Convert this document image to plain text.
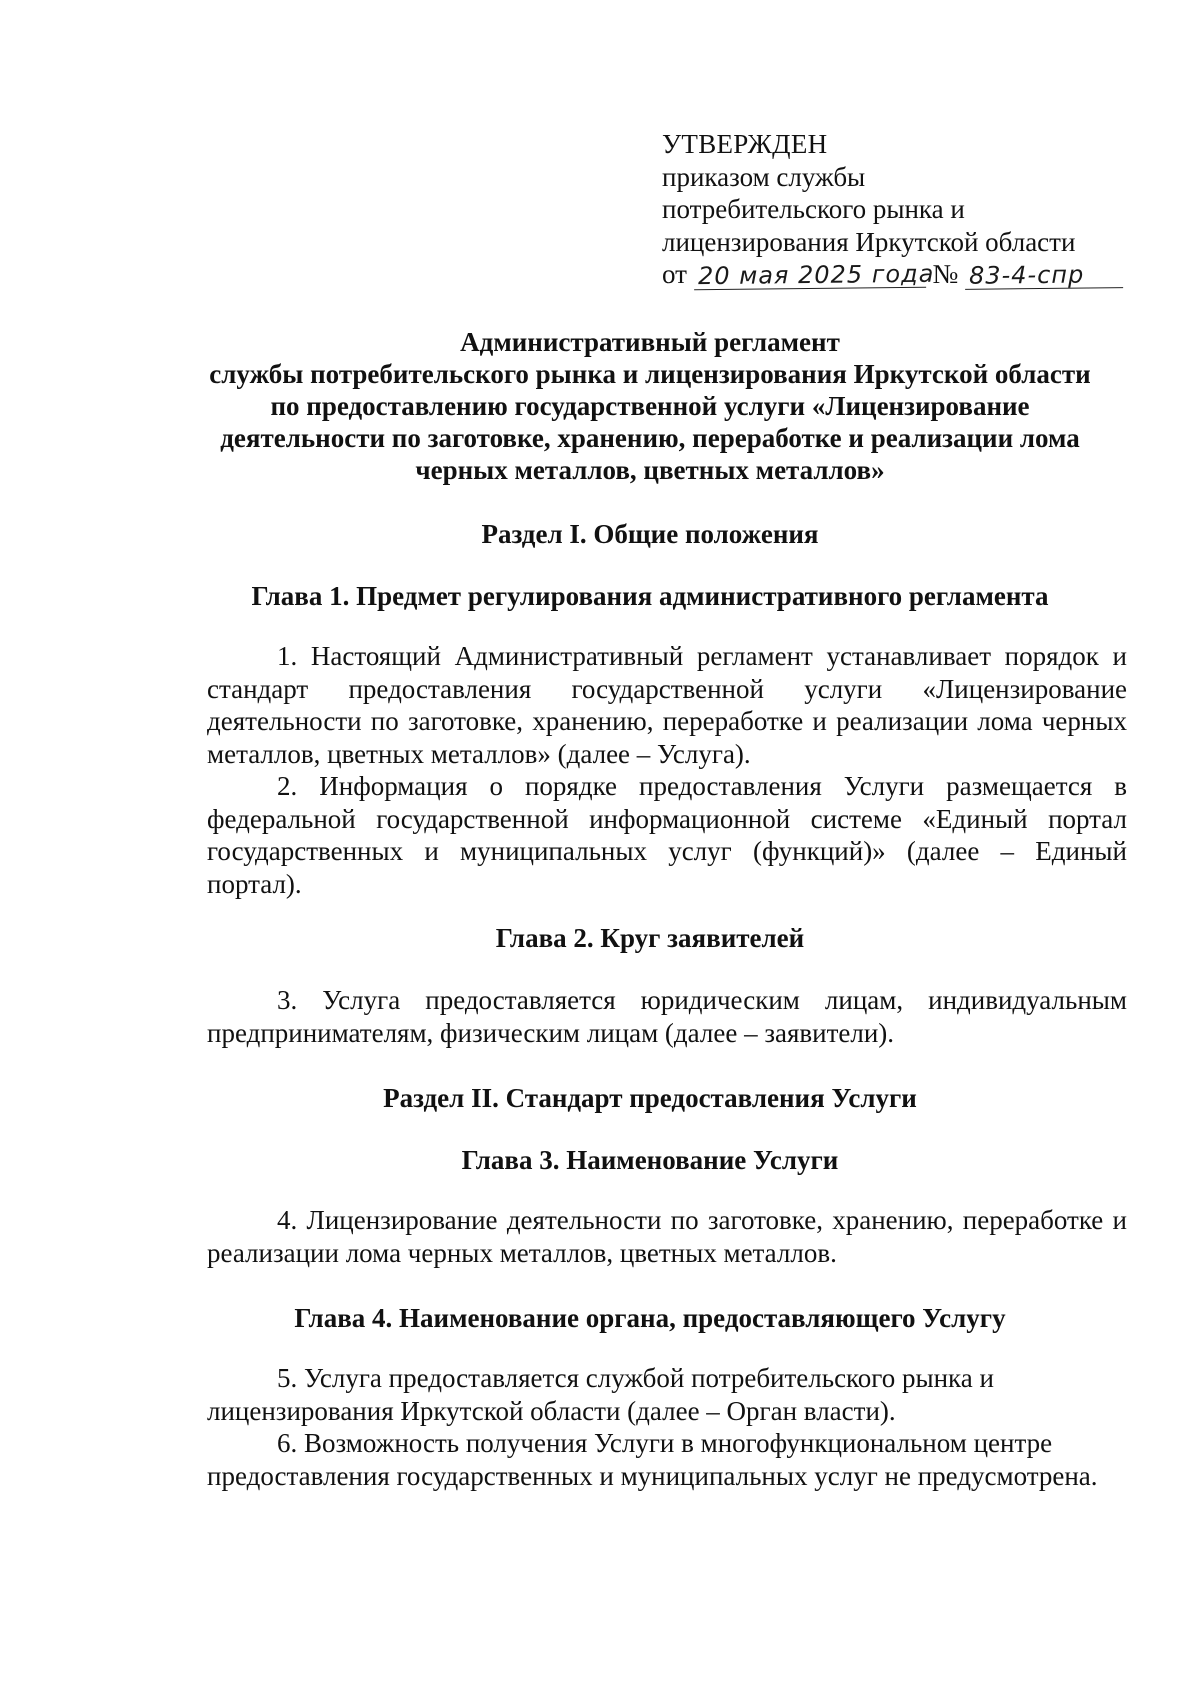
УТВЕРЖДЕН
приказом службы
потребительского рынка и
лицензирования Иркутской области
от 20 мая 2025 года № 83-4-спр
Административный регламент
службы потребительского рынка и лицензирования Иркутской области
по предоставлению государственной услуги «Лицензирование
деятельности по заготовке, хранению, переработке и реализации лома
черных металлов, цветных металлов»
Раздел I. Общие положения
Глава 1. Предмет регулирования административного регламента
1. Настоящий Административный регламент устанавливает порядок и стандарт предоставления государственной услуги «Лицензирование деятельности по заготовке, хранению, переработке и реализации лома черных металлов, цветных металлов» (далее – Услуга).
2. Информация о порядке предоставления Услуги размещается в федеральной государственной информационной системе «Единый портал государственных и муниципальных услуг (функций)» (далее – Единый портал).
Глава 2. Круг заявителей
3. Услуга предоставляется юридическим лицам, индивидуальным предпринимателям, физическим лицам (далее – заявители).
Раздел II. Стандарт предоставления Услуги
Глава 3. Наименование Услуги
4. Лицензирование деятельности по заготовке, хранению, переработке и реализации лома черных металлов, цветных металлов.
Глава 4. Наименование органа, предоставляющего Услугу
5. Услуга предоставляется службой потребительского рынка и лицензирования Иркутской области (далее – Орган власти).
6. Возможность получения Услуги в многофункциональном центре предоставления государственных и муниципальных услуг не предусмотрена.
